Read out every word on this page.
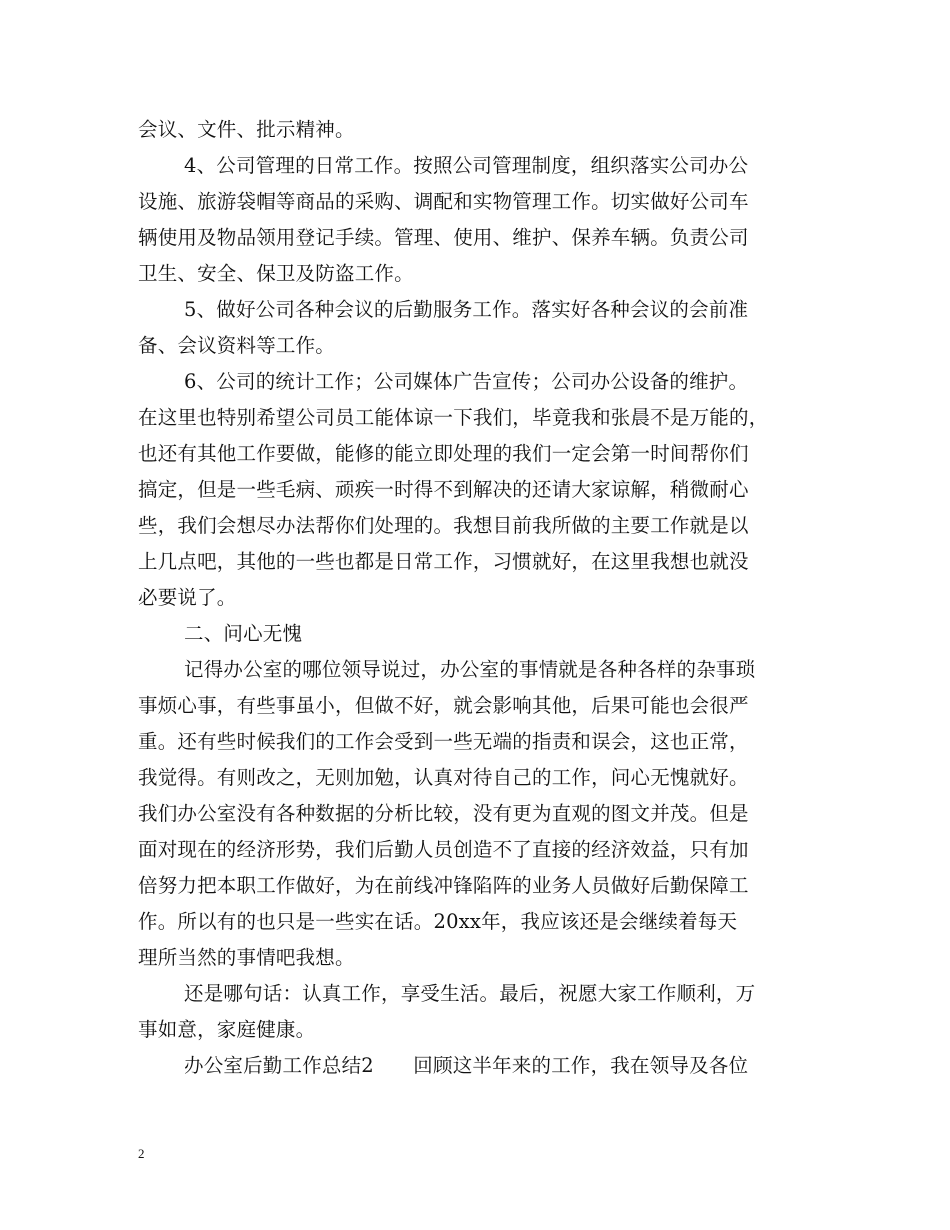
会议、文件、批示精神。
4、公司管理的日常工作。按照公司管理制度，组织落实公司办公
设施、旅游袋帽等商品的采购、调配和实物管理工作。切实做好公司车
辆使用及物品领用登记手续。管理、使用、维护、保养车辆。负责公司
卫生、安全、保卫及防盗工作。
5、做好公司各种会议的后勤服务工作。落实好各种会议的会前准
备、会议资料等工作。
6、公司的统计工作；公司媒体广告宣传；公司办公设备的维护。
在这里也特别希望公司员工能体谅一下我们，毕竟我和张晨不是万能的，
也还有其他工作要做，能修的能立即处理的我们一定会第一时间帮你们
搞定，但是一些毛病、顽疾一时得不到解决的还请大家谅解，稍微耐心
些，我们会想尽办法帮你们处理的。我想目前我所做的主要工作就是以
上几点吧，其他的一些也都是日常工作，习惯就好，在这里我想也就没
必要说了。
二、问心无愧
记得办公室的哪位领导说过，办公室的事情就是各种各样的杂事琐
事烦心事，有些事虽小，但做不好，就会影响其他，后果可能也会很严
重。还有些时候我们的工作会受到一些无端的指责和误会，这也正常，
我觉得。有则改之，无则加勉，认真对待自己的工作，问心无愧就好。
我们办公室没有各种数据的分析比较，没有更为直观的图文并茂。但是
面对现在的经济形势，我们后勤人员创造不了直接的经济效益，只有加
倍努力把本职工作做好，为在前线冲锋陷阵的业务人员做好后勤保障工
作。所以有的也只是一些实在话。20xx年，我应该还是会继续着每天
理所当然的事情吧我想。
还是哪句话：认真工作，享受生活。最后，祝愿大家工作顺利，万
事如意，家庭健康。
办公室后勤工作总结2　　回顾这半年来的工作，我在领导及各位
2
